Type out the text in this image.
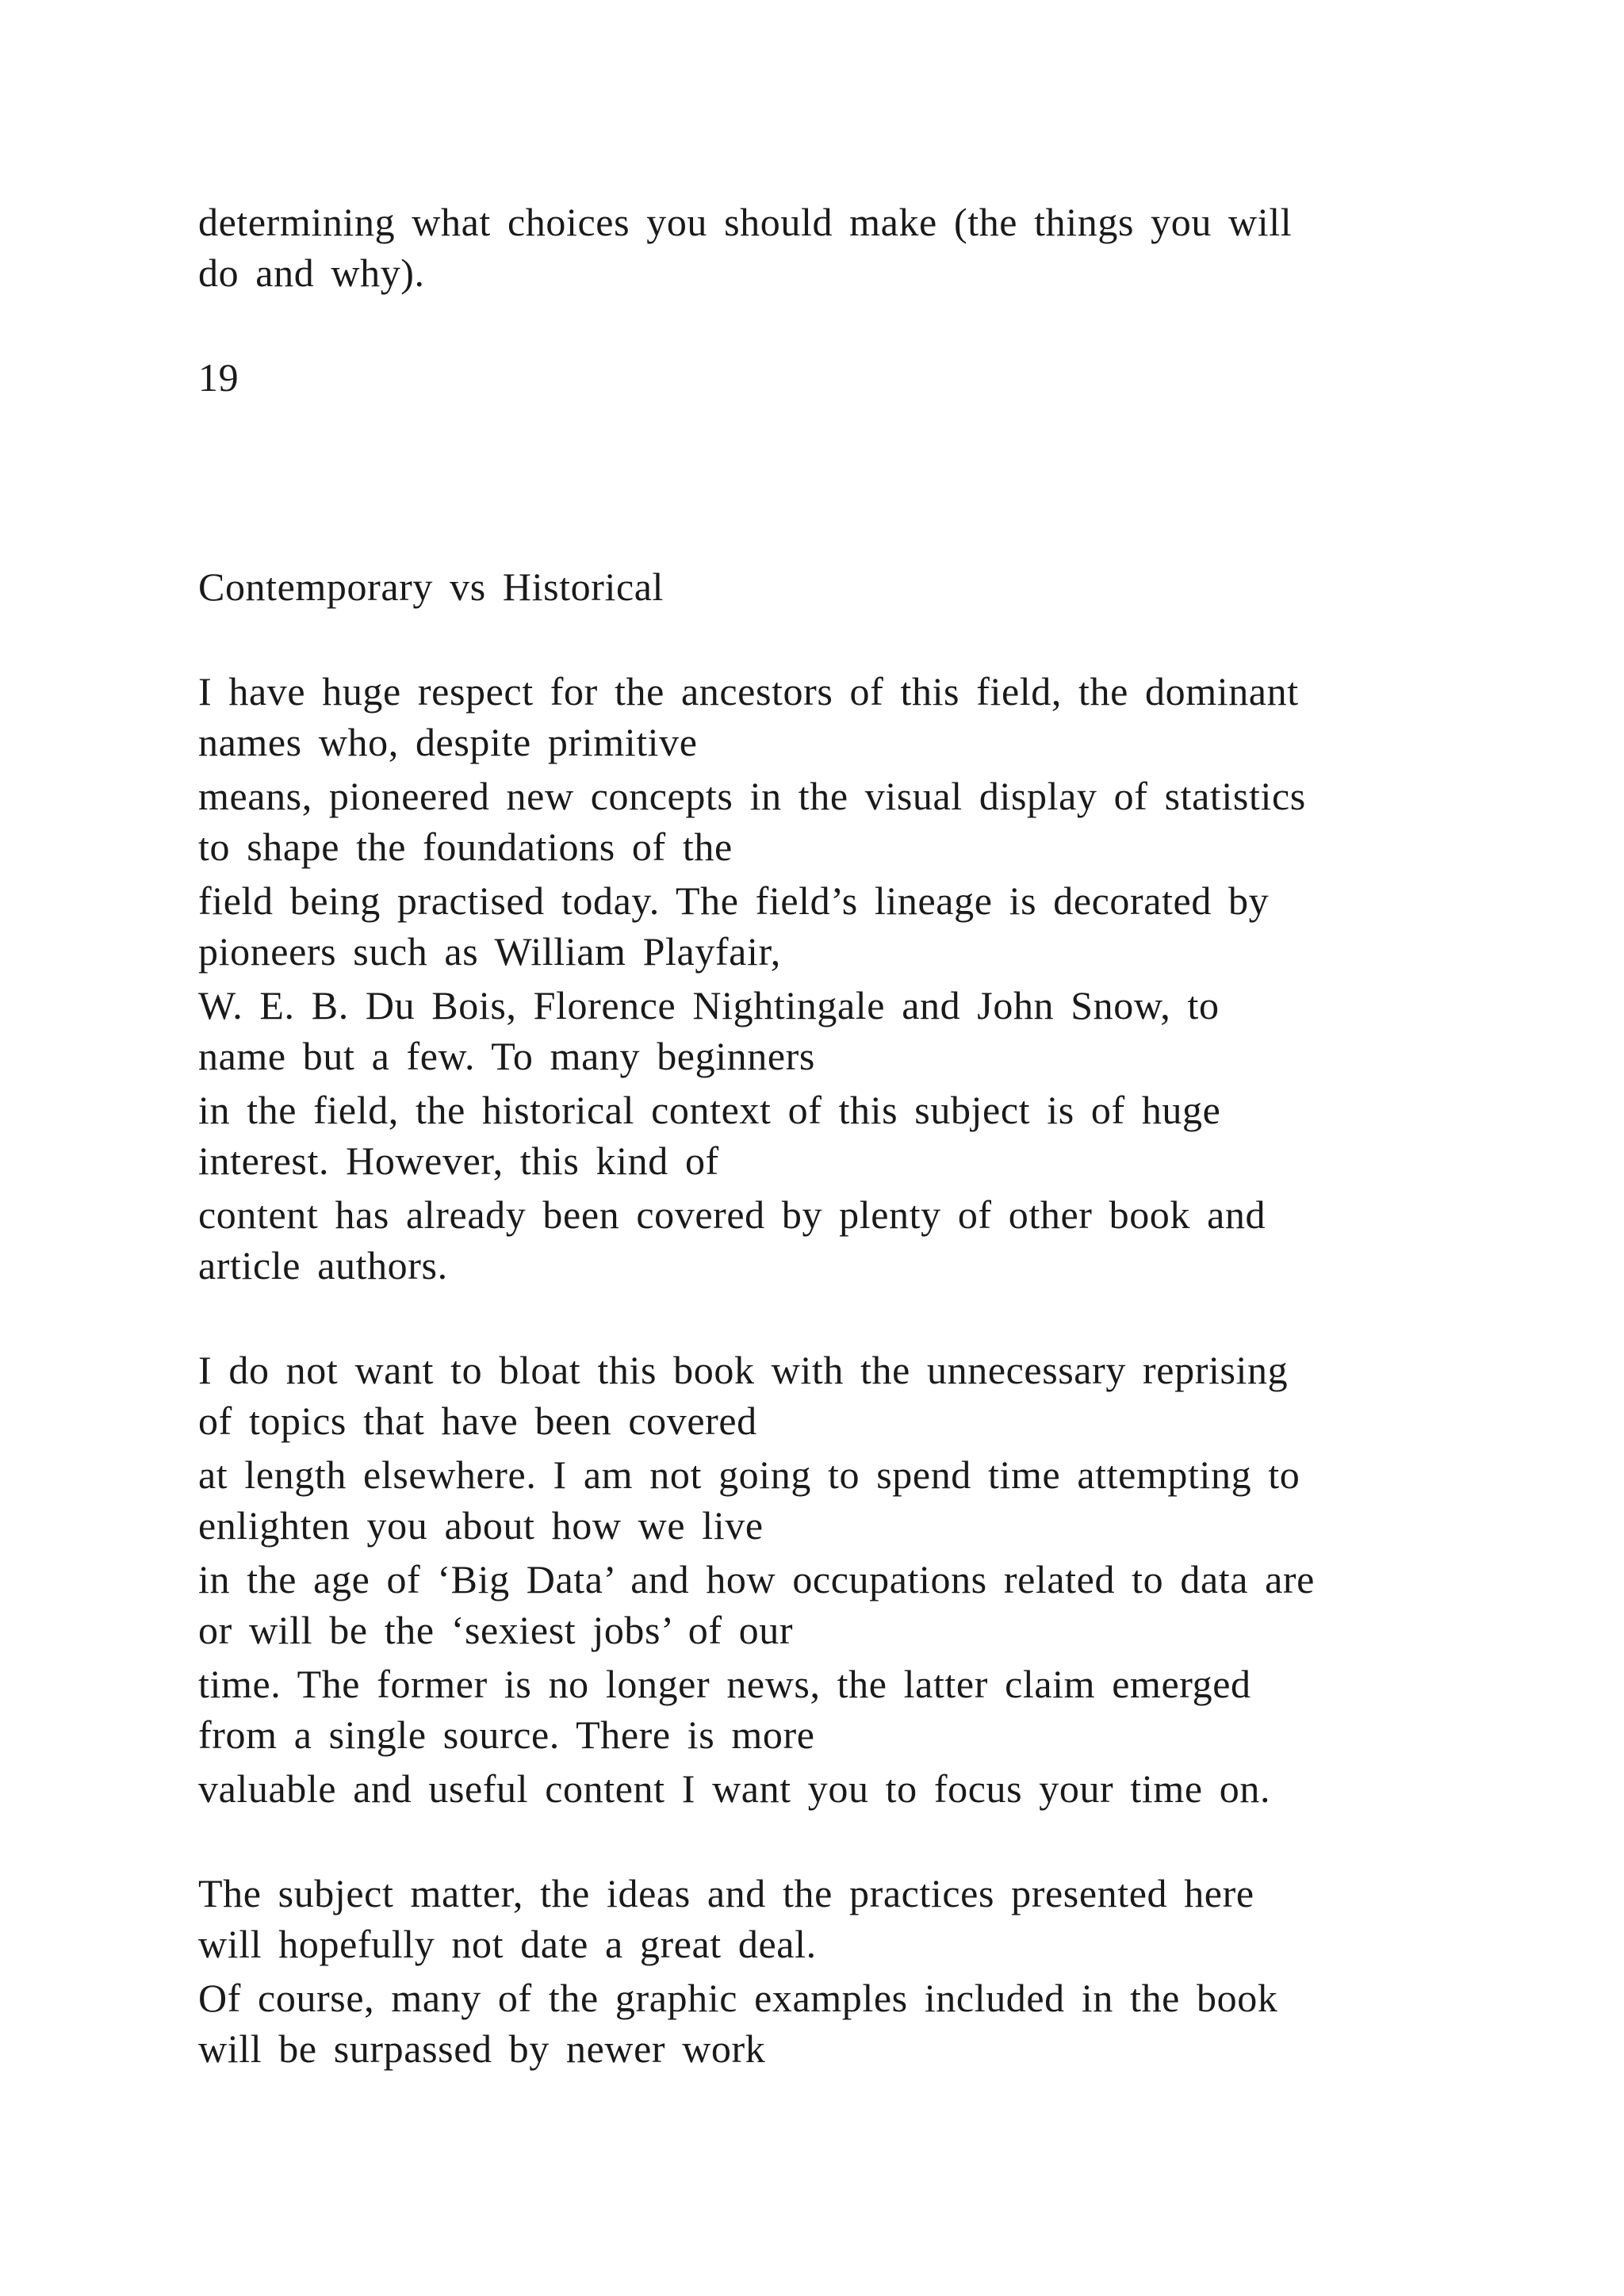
determining what choices you should make (the things you will
do and why).
19
Contemporary vs Historical
I have huge respect for the ancestors of this field, the dominant
names who, despite primitive
means, pioneered new concepts in the visual display of statistics
to shape the foundations of the
field being practised today. The field’s lineage is decorated by
pioneers such as William Playfair,
W. E. B. Du Bois, Florence Nightingale and John Snow, to
name but a few. To many beginners
in the field, the historical context of this subject is of huge
interest. However, this kind of
content has already been covered by plenty of other book and
article authors.
I do not want to bloat this book with the unnecessary reprising
of topics that have been covered
at length elsewhere. I am not going to spend time attempting to
enlighten you about how we live
in the age of ‘Big Data’ and how occupations related to data are
or will be the ‘sexiest jobs’ of our
time. The former is no longer news, the latter claim emerged
from a single source. There is more
valuable and useful content I want you to focus your time on.
The subject matter, the ideas and the practices presented here
will hopefully not date a great deal.
Of course, many of the graphic examples included in the book
will be surpassed by newer work
